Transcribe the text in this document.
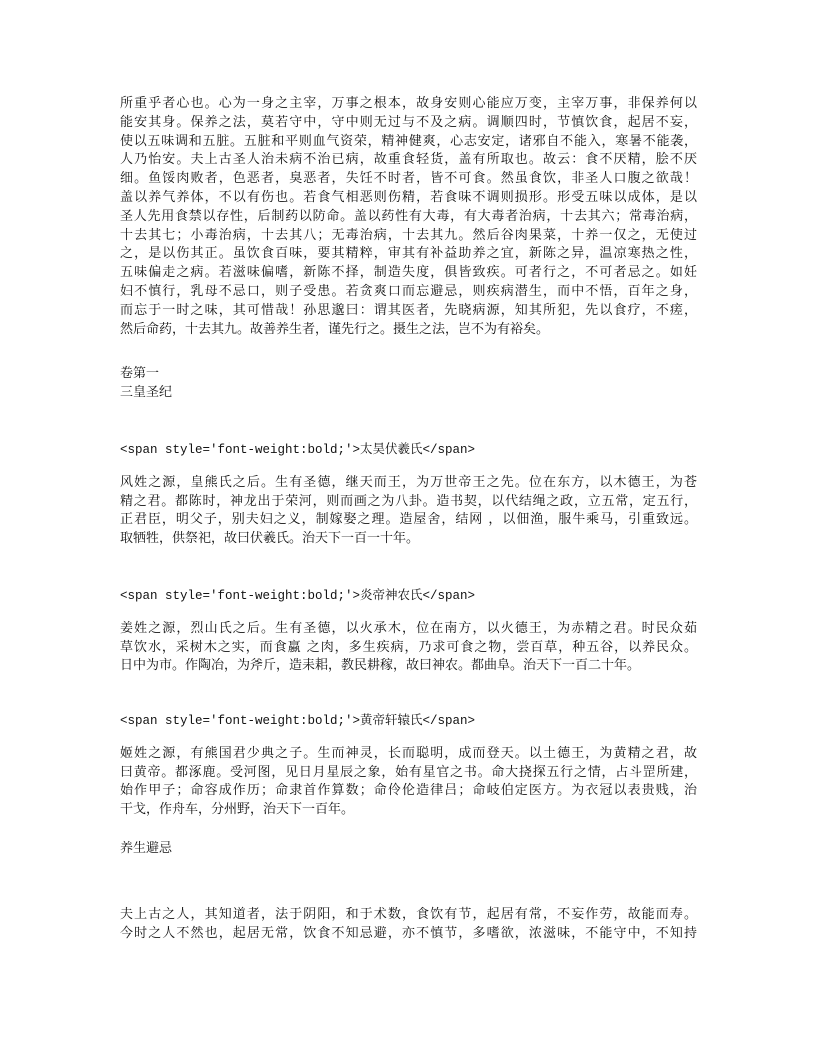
所重乎者心也。心为一身之主宰，万事之根本，故身安则心能应万变，主宰万事，非保养何以
能安其身。保养之法，莫若守中，守中则无过与不及之病。调顺四时，节慎饮食，起居不妄，
使以五味调和五脏。五脏和平则血气资荣，精神健爽，心志安定，诸邪自不能入，寒暑不能袭，
人乃怡安。夫上古圣人治未病不治已病，故重食轻货，盖有所取也。故云：食不厌精，脍不厌
细。鱼馁肉败者，色恶者，臭恶者，失饪不时者，皆不可食。然虽食饮，非圣人口腹之欲哉！
盖以养气养体，不以有伤也。若食气相恶则伤精，若食味不调则损形。形受五味以成体，是以
圣人先用食禁以存性，后制药以防命。盖以药性有大毒，有大毒者治病，十去其六；常毒治病，
十去其七；小毒治病，十去其八；无毒治病，十去其九。然后谷肉果菜，十养一仅之，无使过
之，是以伤其正。虽饮食百味，要其精粹，审其有补益助养之宜，新陈之异，温凉寒热之性，
五味偏走之病。若滋味偏嗜，新陈不择，制造失度，俱皆致疾。可者行之，不可者忌之。如妊
妇不慎行，乳母不忌口，则子受患。若贪爽口而忘避忌，则疾病潜生，而中不悟，百年之身，
而忘于一时之味，其可惜哉！孙思邈曰：谓其医者，先晓病源，知其所犯，先以食疗，不瘥，
然后命药，十去其九。故善养生者，谨先行之。摄生之法，岂不为有裕矣。
卷第一
三皇圣纪
<span style='font-weight:bold;'>太昊伏羲氏</span>
风姓之源，皇熊氏之后。生有圣德，继天而王，为万世帝王之先。位在东方，以木德王，为苍
精之君。都陈时，神龙出于荣河，则而画之为八卦。造书契，以代结绳之政，立五常，定五行，
正君臣，明父子，别夫妇之义，制嫁娶之理。造屋舍，结网 ，以佃渔，服牛乘马，引重致远。
取牺牲，供祭祀，故曰伏羲氏。治天下一百一十年。
<span style='font-weight:bold;'>炎帝神农氏</span>
姜姓之源，烈山氏之后。生有圣德，以火承木，位在南方，以火德王，为赤精之君。时民众茹
草饮水，采树木之实，而食蠃 之肉，多生疾病，乃求可食之物，尝百草，种五谷，以养民众。
日中为市。作陶冶，为斧斤，造耒耜，教民耕稼，故曰神农。都曲阜。治天下一百二十年。
<span style='font-weight:bold;'>黄帝轩辕氏</span>
姬姓之源，有熊国君少典之子。生而神灵，长而聪明，成而登天。以土德王，为黄精之君，故
曰黄帝。都涿鹿。受河图，见日月星辰之象，始有星官之书。命大挠探五行之情，占斗罡所建，
始作甲子；命容成作历；命隶首作算数；命伶伦造律吕；命岐伯定医方。为衣冠以表贵贱，治
干戈，作舟车，分州野，治天下一百年。
养生避忌
夫上古之人，其知道者，法于阴阳，和于术数，食饮有节，起居有常，不妄作劳，故能而寿。
今时之人不然也，起居无常，饮食不知忌避，亦不慎节，多嗜欲，浓滋味，不能守中，不知持
